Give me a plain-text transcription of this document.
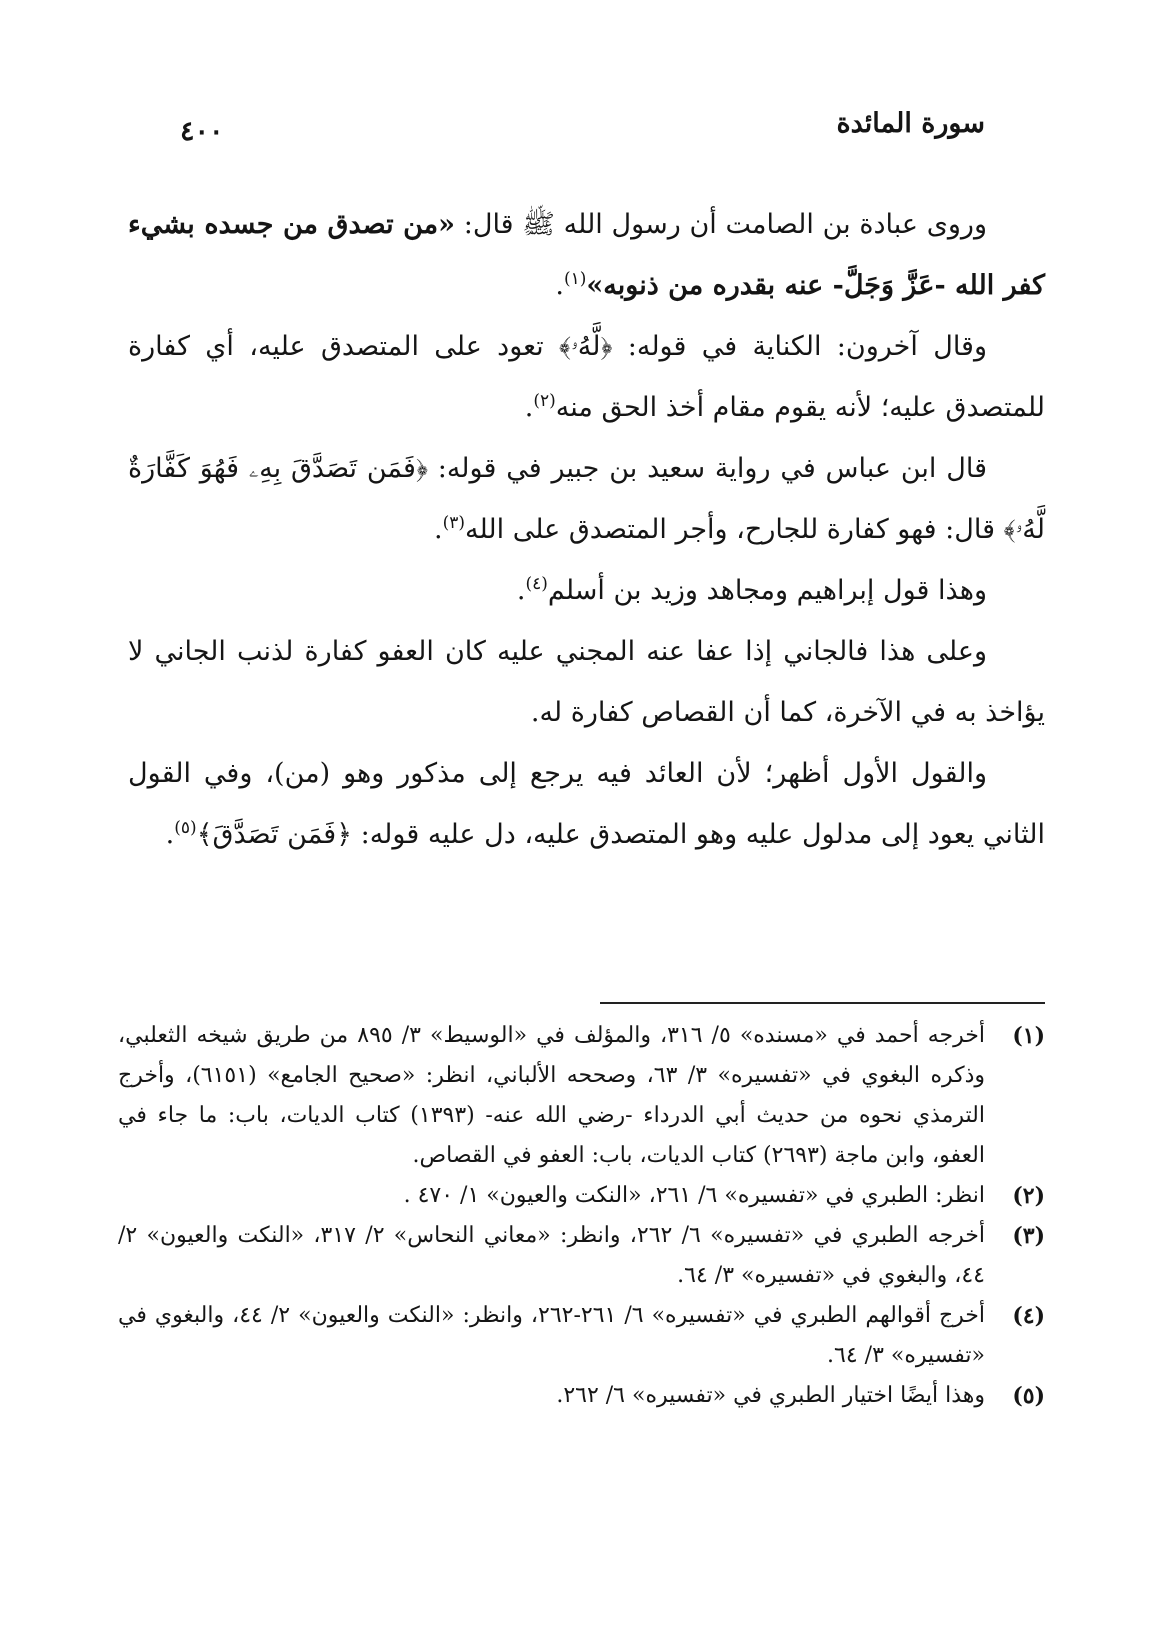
سورة المائدة
٤٠٠

وروى عبادة بن الصامت أن رسول الله ﷺ قال: «من تصدق من جسده بشيء كفر الله -عَزَّ وَجَلَّ- عنه بقدره من ذنوبه»$^{(١)}$.

وقال آخرون: الكناية في قوله: ﴿لَّهُۥ﴾ تعود على المتصدق عليه، أي كفارة للمتصدق عليه؛ لأنه يقوم مقام أخذ الحق منه$^{(٢)}$.

قال ابن عباس في رواية سعيد بن جبير في قوله: ﴿فَمَن تَصَدَّقَ بِهِۦ فَهُوَ كَفَّارَةٌ لَّهُۥ﴾ قال: فهو كفارة للجارح، وأجر المتصدق على الله$^{(٣)}$.

وهذا قول إبراهيم ومجاهد وزيد بن أسلم$^{(٤)}$.

وعلى هذا فالجاني إذا عفا عنه المجني عليه كان العفو كفارة لذنب الجاني لا يؤاخذ به في الآخرة، كما أن القصاص كفارة له.

والقول الأول أظهر؛ لأن العائد فيه يرجع إلى مذكور وهو (من)، وفي القول الثاني يعود إلى مدلول عليه وهو المتصدق عليه، دل عليه قوله: ﴿فَمَن تَصَدَّقَ﴾$^{(٥)}$.

(١)
أخرجه أحمد في «مسنده» ٥/ ٣١٦، والمؤلف في «الوسيط» ٣/ ٨٩٥ من طريق شيخه الثعلبي، وذكره البغوي في «تفسيره» ٣/ ٦٣، وصححه الألباني، انظر: «صحيح الجامع» (٦١٥١)، وأخرج الترمذي نحوه من حديث أبي الدرداء -رضي الله عنه- (١٣٩٣) كتاب الديات، باب: ما جاء في العفو، وابن ماجة (٢٦٩٣) كتاب الديات، باب: العفو في القصاص.
(٢)
انظر: الطبري في «تفسيره» ٦/ ٢٦١، «النكت والعيون» ١/ ٤٧٠ .
(٣)
أخرجه الطبري في «تفسيره» ٦/ ٢٦٢، وانظر: «معاني النحاس» ٢/ ٣١٧، «النكت والعيون» ٢/ ٤٤، والبغوي في «تفسيره» ٣/ ٦٤.
(٤)
أخرج أقوالهم الطبري في «تفسيره» ٦/ ٢٦١-٢٦٢، وانظر: «النكت والعيون» ٢/ ٤٤، والبغوي في «تفسيره» ٣/ ٦٤.
(٥)
وهذا أيضًا اختيار الطبري في «تفسيره» ٦/ ٢٦٢.
